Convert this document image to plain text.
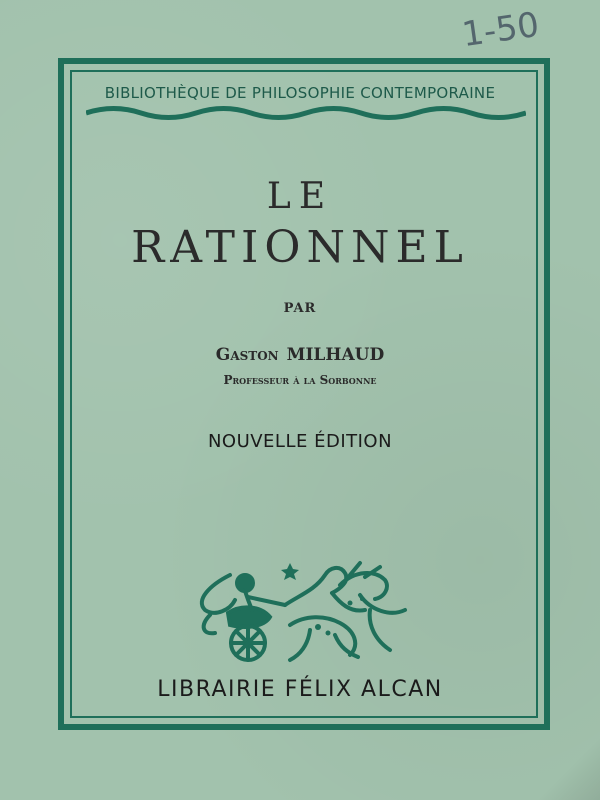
1-50
BIBLIOTHÈQUE DE PHILOSOPHIE CONTEMPORAINE
LE
RATIONNEL
PAR
Gaston MILHAUD
Professeur à la Sorbonne
NOUVELLE ÉDITION
LIBRAIRIE FÉLIX ALCAN
